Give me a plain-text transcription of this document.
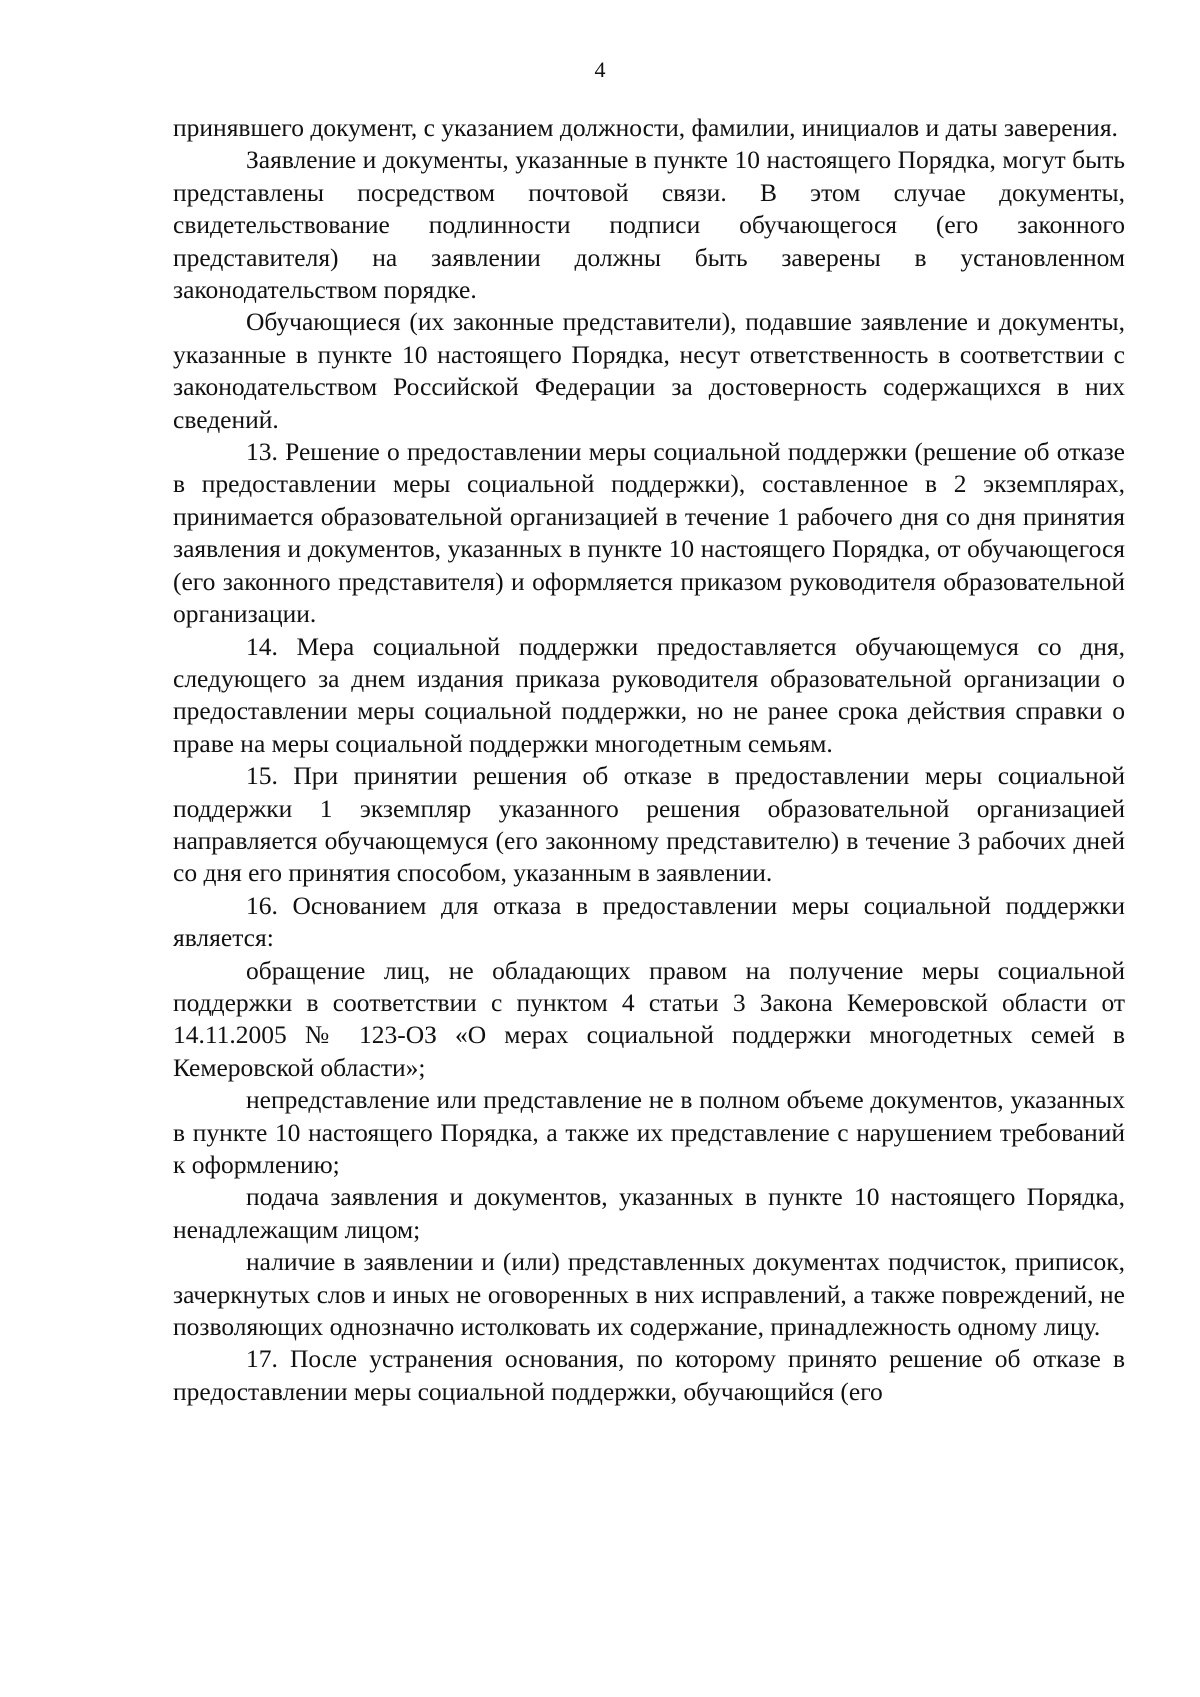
4

принявшего документ, с указанием должности, фамилии, инициалов и даты заверения.

Заявление и документы, указанные в пункте 10 настоящего Порядка, могут быть представлены посредством почтовой связи. В этом случае документы, свидетельствование подлинности подписи обучающегося (его законного представителя) на заявлении должны быть заверены в установленном законодательством порядке.

Обучающиеся (их законные представители), подавшие заявление и документы, указанные в пункте 10 настоящего Порядка, несут ответственность в соответствии с законодательством Российской Федерации за достоверность содержащихся в них сведений.

13. Решение о предоставлении меры социальной поддержки (решение об отказе в предоставлении меры социальной поддержки), составленное в 2 экземплярах, принимается образовательной организацией в течение 1 рабочего дня со дня принятия заявления и документов, указанных в пункте 10 настоящего Порядка, от обучающегося (его законного представителя) и оформляется приказом руководителя образовательной организации.

14. Мера социальной поддержки предоставляется обучающемуся со дня, следующего за днем издания приказа руководителя образовательной организации о предоставлении меры социальной поддержки, но не ранее срока действия справки о праве на меры социальной поддержки многодетным семьям.

15. При принятии решения об отказе в предоставлении меры социальной поддержки 1 экземпляр указанного решения образовательной организацией направляется обучающемуся (его законному представителю) в течение 3 рабочих дней со дня его принятия способом, указанным в заявлении.

16. Основанием для отказа в предоставлении меры социальной поддержки является:

обращение лиц, не обладающих правом на получение меры социальной поддержки в соответствии с пунктом 4 статьи 3 Закона Кемеровской области от 14.11.2005 № 123-ОЗ «О мерах социальной поддержки многодетных семей в Кемеровской области»;

непредставление или представление не в полном объеме документов, указанных в пункте 10 настоящего Порядка, а также их представление с нарушением требований к оформлению;

подача заявления и документов, указанных в пункте 10 настоящего Порядка, ненадлежащим лицом;

наличие в заявлении и (или) представленных документах подчисток, приписок, зачеркнутых слов и иных не оговоренных в них исправлений, а также повреждений, не позволяющих однозначно истолковать их содержание, принадлежность одному лицу.

17. После устранения основания, по которому принято решение об отказе в предоставлении меры социальной поддержки, обучающийся (его
